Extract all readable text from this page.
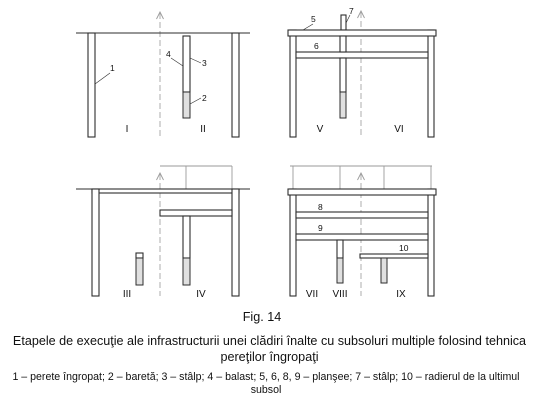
1
4
3
2
I	II
5
7
6
V	VI
III	IV
8
9
10
VII VIII	IX
Fig. 14
Etapele de execuţie ale infrastructurii unei clădiri înalte cu subsoluri multiple folosind tehnica pereţilor îngropaţi
1 – perete îngropat; 2 – baretă; 3 – stâlp; 4 – balast; 5, 6, 8, 9 – planşee; 7 – stâlp; 10 – radierul de la ultimul subsol
